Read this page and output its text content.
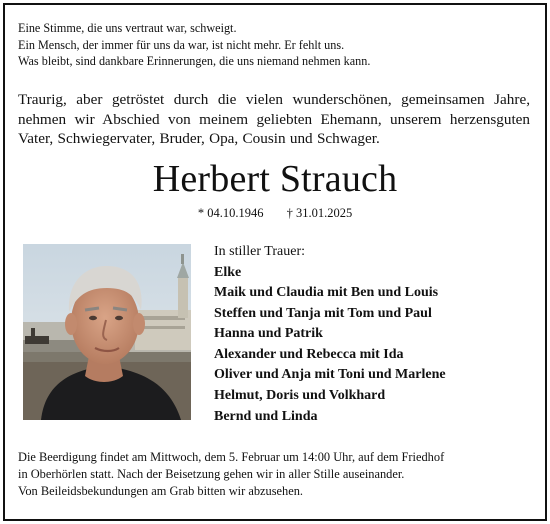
Eine Stimme, die uns vertraut war, schweigt.

Ein Mensch, der immer für uns da war, ist nicht mehr. Er fehlt uns.

Was bleibt, sind dankbare Erinnerungen, die uns niemand nehmen kann.

Traurig, aber getröstet durch die vielen wunderschönen, gemeinsamen Jahre, nehmen wir Abschied von meinem geliebten Ehemann, unserem herzensguten Vater, Schwiegervater, Bruder, Opa, Cousin und Schwager.
Herbert Strauch
* 04.10.1946 † 31.01.2025
In stiller Trauer:
Elke
Maik und Claudia mit Ben und Louis
Steffen und Tanja mit Tom und Paul
Hanna und Patrik
Alexander und Rebecca mit Ida
Oliver und Anja mit Toni und Marlene
Helmut, Doris und Volkhard
Bernd und Linda

Die Beerdigung findet am Mittwoch, dem 5. Februar um 14:00 Uhr, auf dem Friedhof

in Oberhörlen statt. Nach der Beisetzung gehen wir in aller Stille auseinander.

Von Beileidsbekundungen am Grab bitten wir abzusehen.
